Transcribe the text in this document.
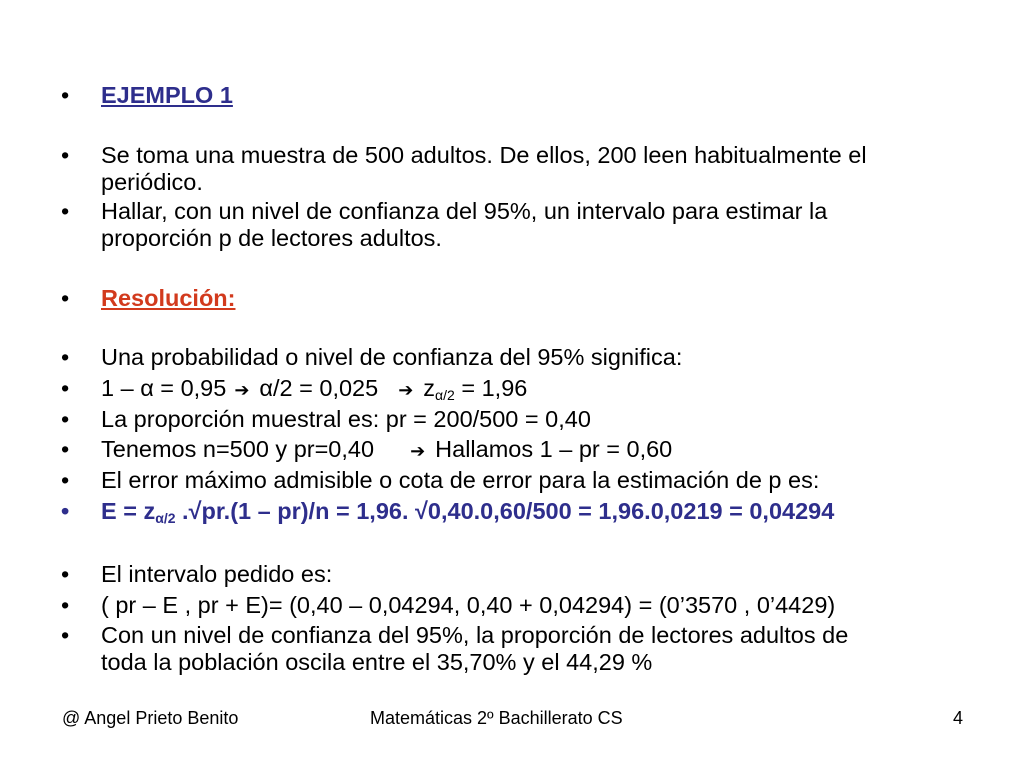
• EJEMPLO 1
• Se toma una muestra de 500 adultos. De ellos, 200 leen habitualmente el
periódico.
• Hallar, con un nivel de confianza del 95%, un intervalo para estimar la
proporción p de lectores adultos.
• Resolución:
• Una probabilidad o nivel de confianza del 95% significa:
• 1 – α = 0,95 ➔ α/2 = 0,025 ➔ $z_{\alpha/2} = 1,96$
• La proporción muestral es: pr = 200/500 = 0,40
• Tenemos n=500 y pr=0,40 ➔ Hallamos 1 – pr = 0,60
• El error máximo admisible o cota de error para la estimación de p es:
• $E = z_{\alpha/2}$ .√pr.(1 – pr)/n = 1,96. √0,40.0,60/500 = 1,96.0,0219 = 0,04294
• El intervalo pedido es:
• ( pr – E , pr + E)= (0,40 – 0,04294, 0,40 + 0,04294) = (0’3570 , 0’4429)
• Con un nivel de confianza del 95%, la proporción de lectores adultos de
toda la población oscila entre el 35,70% y el 44,29 %
@ Angel Prieto Benito	Matemáticas 2º Bachillerato CS	4
